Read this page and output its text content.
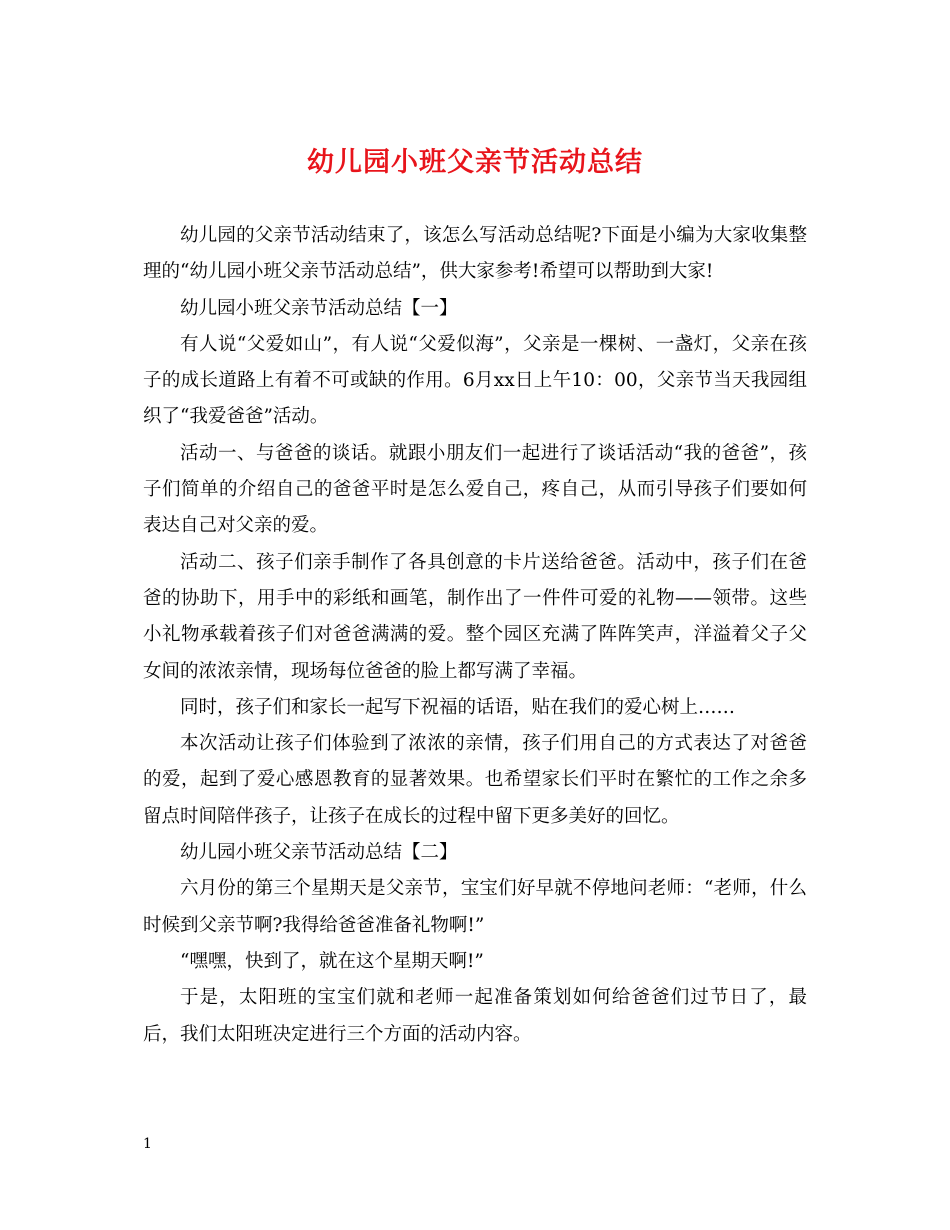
幼儿园小班父亲节活动总结

幼儿园的父亲节活动结束了，该怎么写活动总结呢?下面是小编为大家收集整理的“幼儿园小班父亲节活动总结”，供大家参考!希望可以帮助到大家!

幼儿园小班父亲节活动总结【一】

有人说“父爱如山”，有人说“父爱似海”，父亲是一棵树、一盏灯，父亲在孩子的成长道路上有着不可或缺的作用。6月xx日上午10：00，父亲节当天我园组织了“我爱爸爸”活动。

活动一、与爸爸的谈话。就跟小朋友们一起进行了谈话活动“我的爸爸”，孩子们简单的介绍自己的爸爸平时是怎么爱自己，疼自己，从而引导孩子们要如何表达自己对父亲的爱。

活动二、孩子们亲手制作了各具创意的卡片送给爸爸。活动中，孩子们在爸爸的协助下，用手中的彩纸和画笔，制作出了一件件可爱的礼物——领带。这些小礼物承载着孩子们对爸爸满满的爱。整个园区充满了阵阵笑声，洋溢着父子父女间的浓浓亲情，现场每位爸爸的脸上都写满了幸福。

同时，孩子们和家长一起写下祝福的话语，贴在我们的爱心树上……

本次活动让孩子们体验到了浓浓的亲情，孩子们用自己的方式表达了对爸爸的爱，起到了爱心感恩教育的显著效果。也希望家长们平时在繁忙的工作之余多留点时间陪伴孩子，让孩子在成长的过程中留下更多美好的回忆。

幼儿园小班父亲节活动总结【二】

六月份的第三个星期天是父亲节，宝宝们好早就不停地问老师：“老师，什么时候到父亲节啊?我得给爸爸准备礼物啊!”

“嘿嘿，快到了，就在这个星期天啊!”

于是，太阳班的宝宝们就和老师一起准备策划如何给爸爸们过节日了，最后，我们太阳班决定进行三个方面的活动内容。

1
